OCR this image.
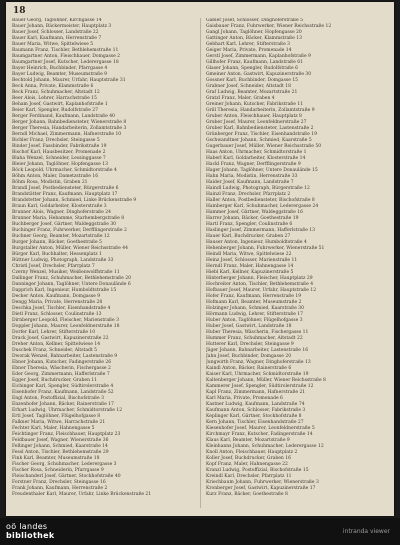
18

Bauer Georg, Taglöhner, Kirchgasse 14

Bauer Johann, Bäckermeister, Hauptplatz 3

Bauer Josef, Schlosser, Landstraße 22

Bauer Karl, Kaufmann, Herrenstraße 7

Bauer Maria, Witwe, Spittelwiese 5

Baumann Franz, Tischler, Bethlehemstraße 11

Baumgartner Anton, Fleischhauer, Domgasse 2

Baumgartner Josef, Kutscher, Lederergasse 18

Bayer Heinrich, Buchbinder, Pfarrgasse 4

Bayer Ludwig, Beamter, Museumstraße 9

Bechtold Johann, Maurer, Urfahr, Hauptstraße 31

Beck Anna, Private, Klammstraße 6

Beck Franz, Schuhmacher, Altstadt 12

Beer Alois, Lehrer, Harrachstraße 15

Beham Josef, Gastwirt, Kaplanhofstraße 1

Beier Karl, Spengler, Rudolfstraße 27

Berger Ferdinand, Kaufmann, Landstraße 40

Berger Johann, Bahnbediensteter, Wienerstraße 8

Berger Theresia, Handarbeiterin, Zollamtstraße 3

Berndl Michael, Zimmermann, Hafnerstraße 10

Bichler Franz, Drechsler, Steingasse 5

Binder Josef, Fassbinder, Fabrikstraße 19

Bischof Karl, Hausbesitzer, Promenade 2

Blaha Wenzel, Schneider, Lessinggasse 7

Bleier Johann, Taglöhner, Hopfengasse 13

Böck Leopold, Uhrmacher, Schmidtorstraße 4

Böhm Anton, Maler, Dametzstraße 16

Böhm Rosa, Modistin, Graben 21

Brandl Josef, Postbediensteter, Bürgerstraße 6

Brandstätter Franz, Kaufmann, Hauptplatz 17

Brandstetter Johann, Schmied, Linke Brückenstraße 9

Braun Karl, Goldarbeiter, Klosterstraße 3

Brunner Alois, Wagner, Dinghoferstraße 24

Brunner Maria, Hebamme, Starhembergstraße 8

Buchberger Josef, Gärtner, Waldeggstraße 30

Buchinger Franz, Fuhrwerker, Derfflingerstraße 2

Buchner Georg, Beamter, Mozartstraße 12

Burger Johann, Bäcker, Goethestraße 5

Burgstaller Anton, Müller, Wiener Reichsstraße 44

Bürger Karl, Buchhalter, Hessenplatz 1

Büttner Ludwig, Photograph, Landstraße 33

Christl Josef, Drechsler, Pfarrplatz 7

Czerny Wenzel, Musiker, Weißenwolffstraße 11

Dallinger Franz, Schuhmacher, Bethlehemstraße 20

Danninger Johann, Taglöhner, Untere Donaulände 6

Dapprich Karl, Ingenieur, Humboldtstraße 15

Decker Anton, Kaufmann, Domgasse 9

Dengg Maria, Private, Herrenstraße 28

Deschka Josef, Tischler, Eisenhandstraße 4

Dietl Franz, Schlosser, Coulinstraße 13

Dirnberger Leopold, Fleischer, Marienstraße 3

Doppler Johann, Maurer, Leonfeldnerstraße 18

Dorfer Karl, Lehrer, Stifterstraße 10

Drack Josef, Gastwirt, Kapuzinerstraße 22

Dreher Anton, Kellner, Spittelwiese 14

Duschek Franz, Schneider, Altstadt 5

Dworak Wenzel, Bahnarbeiter, Lastenstraße 9

Ebner Johann, Kutscher, Fadingerstraße 26

Ebner Theresia, Wäscherin, Fischergasse 2

Eder Georg, Zimmermann, Hafferlstraße 7

Egger Josef, Buchdrucker, Graben 11

Eichinger Karl, Spengler, Südtirolerstraße 4

Eisenhofer Franz, Kaufmann, Landstraße 52

Engl Anton, Postoffizial, Bischofstraße 3

Enzenhofer Johann, Bäcker, Rainerstraße 17

Erhart Ludwig, Uhrmacher, Schmidtorstraße 12

Ertl Josef, Taglöhner, Flügelhofgasse 8

Falkner Maria, Witwe, Harrachstraße 21

Fechter Karl, Maler, Hahnengasse 5

Feichtinger Franz, Fleischhauer, Hauptplatz 23

Feldbauer Josef, Wagner, Wienerstraße 36

Fellinger Johann, Schmied, Kaarstraße 14

Fessl Anton, Tischler, Bethlehemstraße 29

Fink Karl, Beamter, Museumstraße 18

Fischer Georg, Schuhmacher, Lederergasse 3

Fischer Rosa, Schneiderin, Pfarrgasse 9

Fleischanderl Josef, Gärtner, Stockhofstraße 40

Forstner Franz, Drechsler, Steingasse 16

Frank Johann, Kaufmann, Herrenstraße 2

Freudenthaler Karl, Maurer, Urfahr, Linke Brückenstraße 21

Gabler Josef, Schlosser, Dinghoferstraße 5

Gaisbauer Franz, Fuhrwerker, Wiener Reichsstraße 12

Gangl Johann, Taglöhner, Hopfengasse 20

Gattinger Anton, Bäcker, Klammstraße 13

Gebhart Karl, Lehrer, Stifterstraße 3

Geiger Maria, Private, Promenade 14

Gerstl Josef, Zimmermann, Kaplanhofstraße 9

Gillhofer Franz, Kaufmann, Landstraße 61

Glaser Johann, Spengler, Rudolfstraße 6

Gmeiner Anton, Gastwirt, Kapuzinerstraße 30

Gossner Karl, Buchbinder, Domgasse 15

Grabner Josef, Schneider, Altstadt 18

Graf Ludwig, Beamter, Mozartstraße 21

Gratzl Franz, Maler, Graben 4

Greiner Johann, Kutscher, Fabrikstraße 11

Grill Theresia, Handarbeiterin, Zollamtstraße 9

Gruber Anton, Fleischhauer, Hauptplatz 8

Gruber Josef, Maurer, Leonfeldnerstraße 27

Gruber Karl, Bahnbediensteter, Lastenstraße 2

Grünberger Franz, Tischler, Eisenhandstraße 19

Gschwandtner Johann, Schmied, Kaarstraße 5

Gugerbauer Josef, Müller, Wiener Reichsstraße 50

Haas Anton, Uhrmacher, Schmidtorstraße 1

Haberl Karl, Goldarbeiter, Klosterstraße 14

Hackl Franz, Wagner, Derfflingerstraße 9

Hager Johann, Taglöhner, Untere Donaulände 15

Hahn Maria, Modistin, Herrenstraße 33

Haider Josef, Kaufmann, Landstraße 7

Haindl Ludwig, Photograph, Bürgerstraße 12

Hainzl Franz, Drechsler, Pfarrplatz 2

Haller Anton, Postbediensteter, Bischofstraße 8

Hamberger Karl, Schuhmacher, Lederergasse 24

Hammer Josef, Gärtner, Waldeggstraße 16

Harrer Johann, Bäcker, Goethestraße 19

Hartl Franz, Spengler, Coulinstraße 6

Haslinger Josef, Zimmermann, Hafferlstraße 13

Hauer Karl, Buchdrucker, Graben 27

Hauser Anton, Ingenieur, Humboldtstraße 4

Hehenberger Johann, Fuhrwerker, Wienerstraße 51

Heindl Maria, Witwe, Spittelwiese 22

Heinz Josef, Schlosser, Marienstraße 11

Herndl Franz, Maler, Hahnengasse 14

Hiebl Karl, Kellner, Kapuzinerstraße 5

Hinterberger Johann, Fleischer, Hauptplatz 29

Hochreiter Anton, Tischler, Bethlehemstraße 4

Hofbauer Josef, Maurer, Urfahr, Hauptstraße 12

Hofer Franz, Kaufmann, Herrenstraße 19

Hofmann Karl, Beamter, Museumstraße 2

Holzinger Johann, Schmied, Kaarstraße 30

Hörmann Ludwig, Lehrer, Stifterstraße 17

Huber Anton, Taglöhner, Flügelhofgasse 3

Huber Josef, Gastwirt, Landstraße 18

Huber Theresia, Wäscherin, Fischergasse 11

Hummer Franz, Schuhmacher, Altstadt 22

Hutterer Karl, Drechsler, Steingasse 9

Jäger Johann, Bahnarbeiter, Lastenstraße 16

Jahn Josef, Buchbinder, Domgasse 20

Jungwirth Franz, Wagner, Dinghoferstraße 13

Kaindl Anton, Bäcker, Rainerstraße 6

Kaiser Karl, Uhrmacher, Schmidtorstraße 19

Kaltenberger Johann, Müller, Wiener Reichsstraße 8

Kammerer Josef, Spengler, Südtirolerstraße 12

Kapl Franz, Zimmermann, Hafnerstraße 21

Karl Maria, Private, Promenade 6

Kastner Ludwig, Kaufmann, Landstraße 74

Kaufmann Anton, Schlosser, Fabrikstraße 3

Keplinger Karl, Gärtner, Stockhofstraße 8

Kern Johann, Tischler, Eisenhandstraße 27

Kiesenhofer Josef, Maurer, Leonfeldnerstraße 5

Kirchmayr Franz, Kutscher, Fadingerstraße 14

Klaus Karl, Beamter, Mozartstraße 9

Kleinhanns Johann, Schuhmacher, Lederergasse 12

Knoll Anton, Fleischhauer, Hauptplatz 2

Koller Josef, Buchdrucker, Graben 16

Kopf Franz, Maler, Hahnengasse 22

Kranzl Ludwig, Postoffizial, Bischofstraße 15

Kreindl Karl, Drechsler, Pfarrplatz 11

Kriechbaum Johann, Fuhrwerker, Wienerstraße 3

Kronberger Josef, Gastwirt, Kapuzinerstraße 17

Kurz Franz, Bäcker, Goethestraße 8

oö landes
bibliothek	intranda viewer
